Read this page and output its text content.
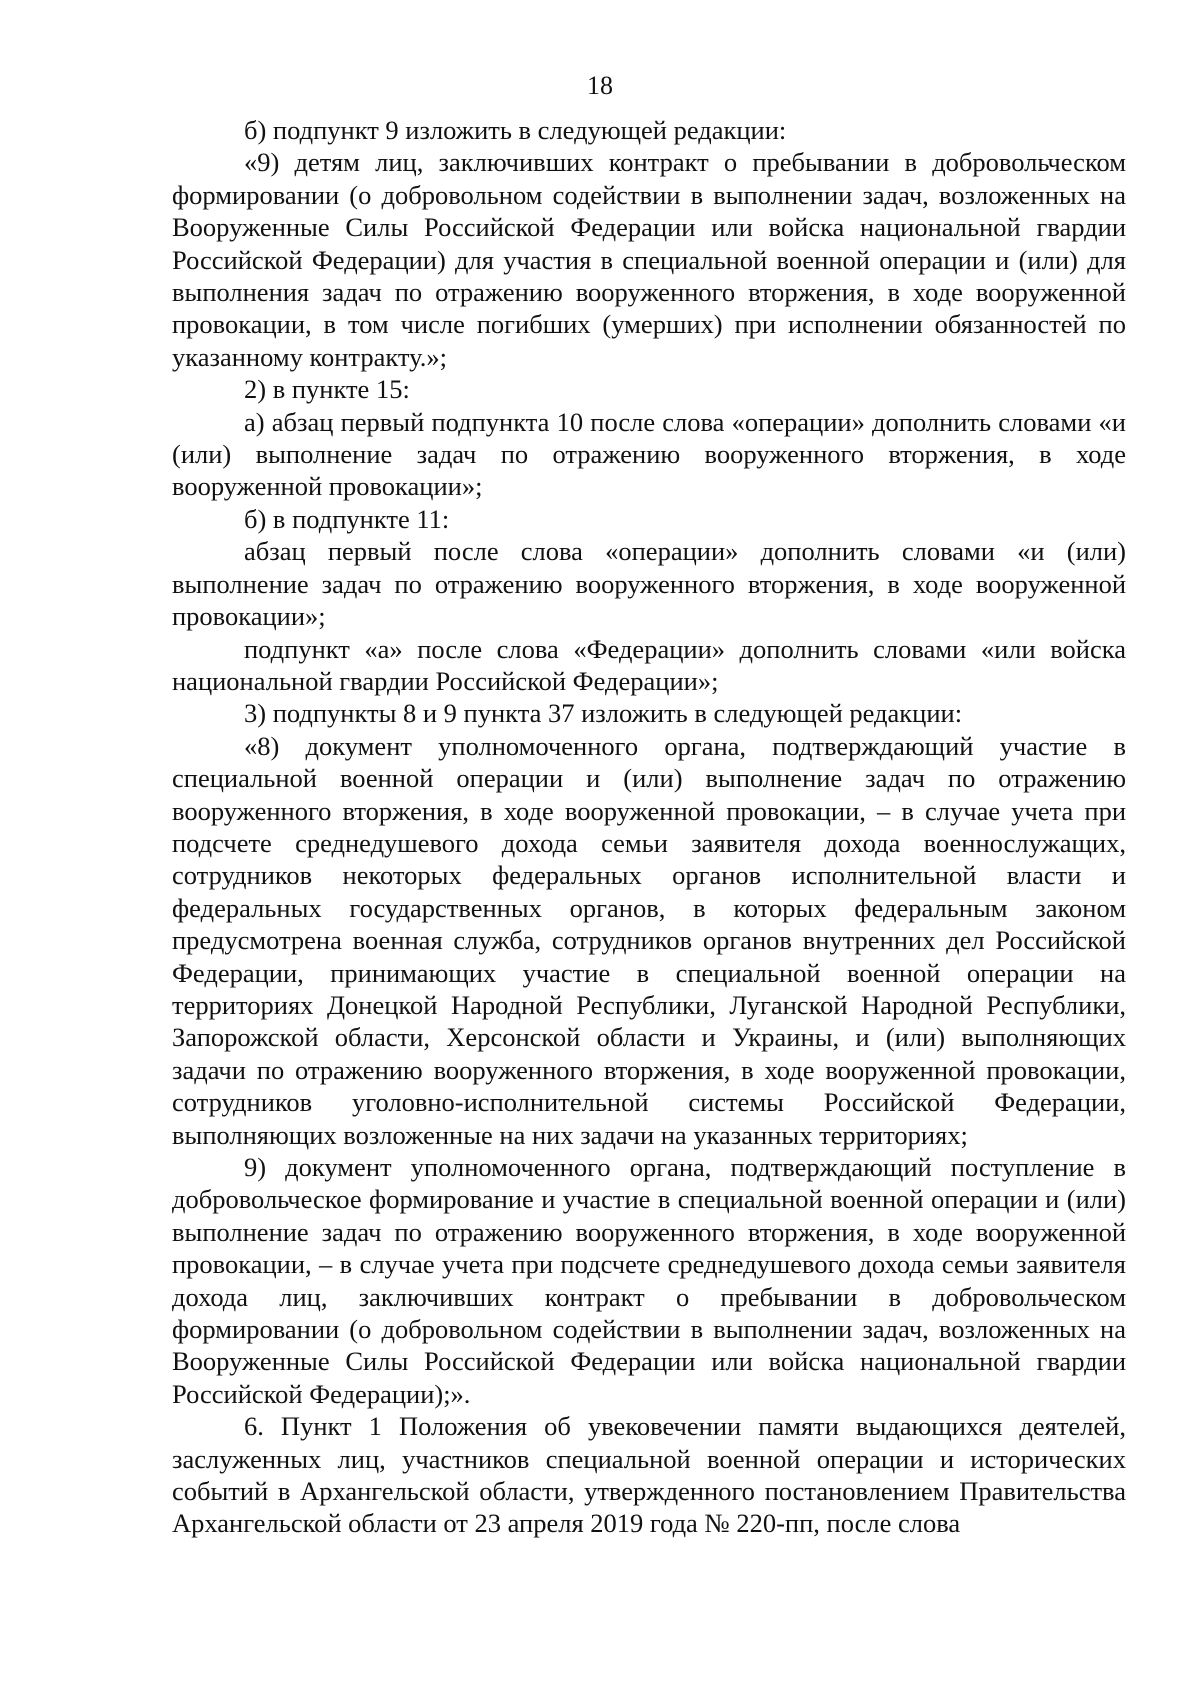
18

б) подпункт 9 изложить в следующей редакции:

«9) детям лиц, заключивших контракт о пребывании в добровольческом формировании (о добровольном содействии в выполнении задач, возложенных на Вооруженные Силы Российской Федерации или войска национальной гвардии Российской Федерации) для участия в специальной военной операции и (или) для выполнения задач по отражению вооруженного вторжения, в ходе вооруженной провокации, в том числе погибших (умерших) при исполнении обязанностей по указанному контракту.»;

2) в пункте 15:

а) абзац первый подпункта 10 после слова «операции» дополнить словами «и (или) выполнение задач по отражению вооруженного вторжения, в ходе вооруженной провокации»;

б) в подпункте 11:

абзац первый после слова «операции» дополнить словами «и (или) выполнение задач по отражению вооруженного вторжения, в ходе вооруженной провокации»;

подпункт «а» после слова «Федерации» дополнить словами «или войска национальной гвардии Российской Федерации»;

3) подпункты 8 и 9 пункта 37 изложить в следующей редакции:

«8) документ уполномоченного органа, подтверждающий участие в специальной военной операции и (или) выполнение задач по отражению вооруженного вторжения, в ходе вооруженной провокации, – в случае учета при подсчете среднедушевого дохода семьи заявителя дохода военнослужащих, сотрудников некоторых федеральных органов исполнительной власти и федеральных государственных органов, в которых федеральным законом предусмотрена военная служба, сотрудников органов внутренних дел Российской Федерации, принимающих участие в специальной военной операции на территориях Донецкой Народной Республики, Луганской Народной Республики, Запорожской области, Херсонской области и Украины, и (или) выполняющих задачи по отражению вооруженного вторжения, в ходе вооруженной провокации, сотрудников уголовно-исполнительной системы Российской Федерации, выполняющих возложенные на них задачи на указанных территориях;

9) документ уполномоченного органа, подтверждающий поступление в добровольческое формирование и участие в специальной военной операции и (или) выполнение задач по отражению вооруженного вторжения, в ходе вооруженной провокации, – в случае учета при подсчете среднедушевого дохода семьи заявителя дохода лиц, заключивших контракт о пребывании в добровольческом формировании (о добровольном содействии в выполнении задач, возложенных на Вооруженные Силы Российской Федерации или войска национальной гвардии Российской Федерации);».

6. Пункт 1 Положения об увековечении памяти выдающихся деятелей, заслуженных лиц, участников специальной военной операции и исторических событий в Архангельской области, утвержденного постановлением Правительства Архангельской области от 23 апреля 2019 года № 220-пп, после слова
